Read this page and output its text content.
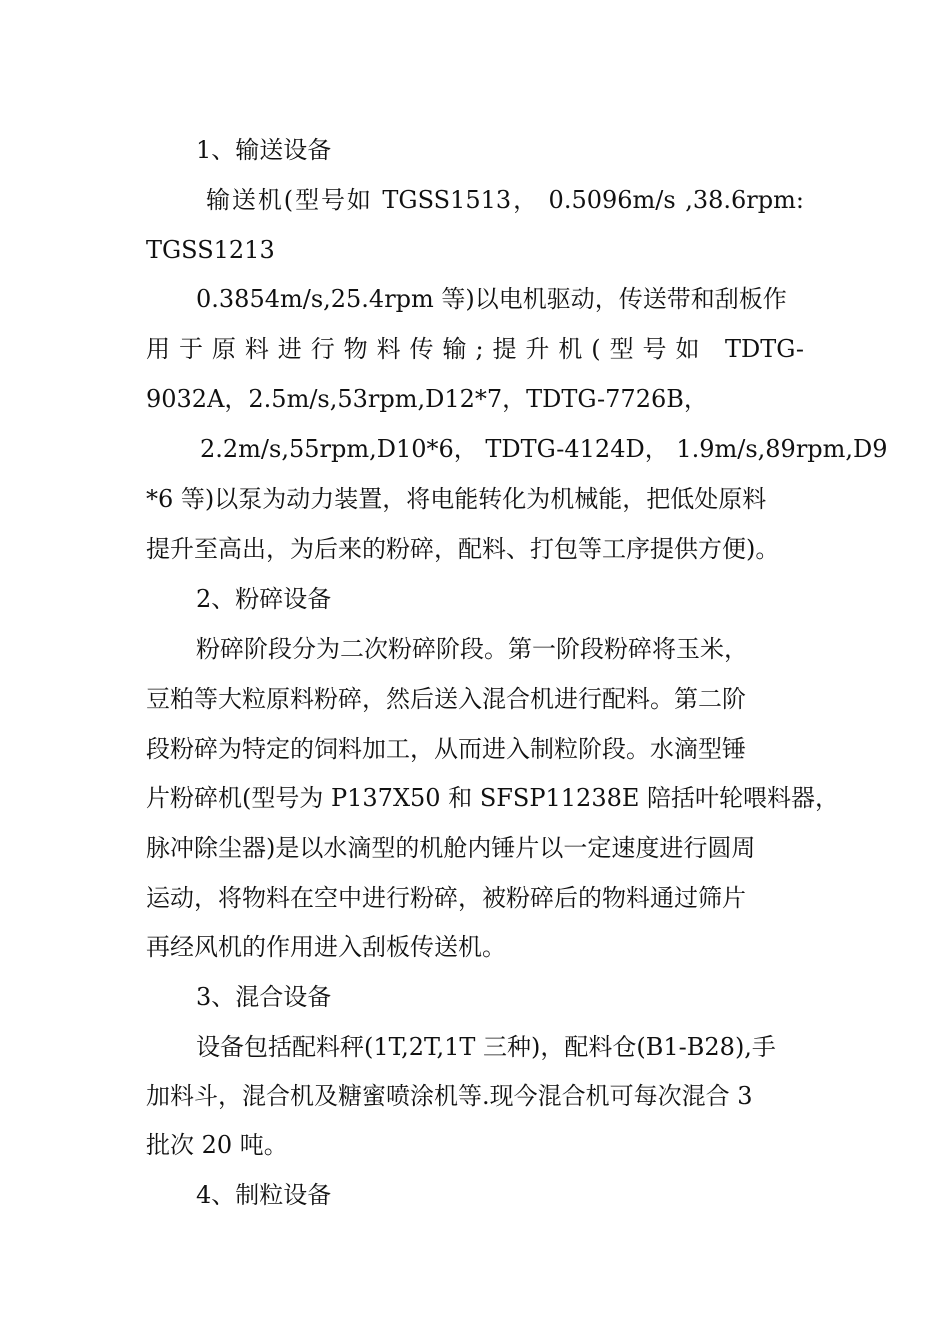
1、输送设备

输送机(型号如 TGSS1513， 0.5096m/s ,38.6rpm:

TGSS1213

0.3854m/s,25.4rpm 等)以电机驱动，传送带和刮板作

用于原料进行物料传输;提升机(型号如 TDTG-

9032A，2.5m/s,53rpm,D12*7，TDTG-7726B，

2.2m/s,55rpm,D10*6， TDTG-4124D， 1.9m/s,89rpm,D9

*6 等)以泵为动力装置，将电能转化为机械能，把低处原料

提升至高出，为后来的粉碎，配料、打包等工序提供方便)。

2、粉碎设备

粉碎阶段分为二次粉碎阶段。第一阶段粉碎将玉米，

豆粕等大粒原料粉碎，然后送入混合机进行配料。第二阶

段粉碎为特定的饲料加工，从而进入制粒阶段。水滴型锤

片粉碎机(型号为 P137X50 和 SFSP11238E 陪括叶轮喂料器，

脉冲除尘器)是以水滴型的机舱内锤片以一定速度进行圆周

运动，将物料在空中进行粉碎，被粉碎后的物料通过筛片

再经风机的作用进入刮板传送机。

3、混合设备

设备包括配料秤(1T,2T,1T 三种)，配料仓(B1-B28),手

加料斗，混合机及糖蜜喷涂机等.现今混合机可每次混合 3

批次 20 吨。

4、制粒设备
